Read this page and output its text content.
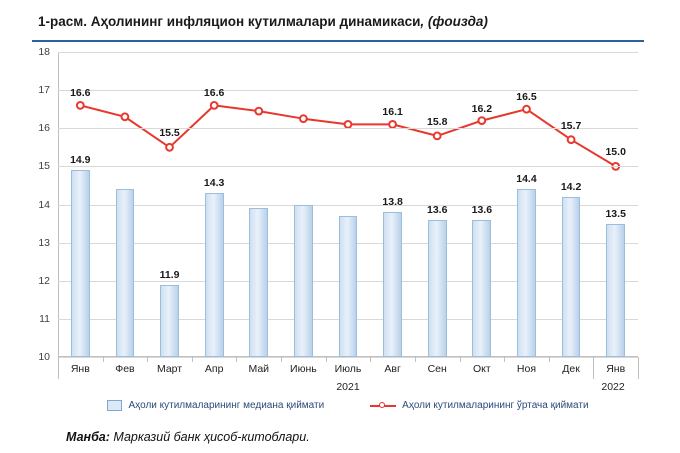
1-расм. Аҳолининг инфляцион кутилмалари динамикаси, (фоизда)
10
11
12
13
14
15
16
17
18
14.9
Янв
16.6
Фев
11.9
Март
15.5
14.3
Апр
16.6
Май Июнь Июль
13.8
Авг
16.1
13.6
Сен
15.8
13.6
Окт
16.2
14.4
Ноя
16.5
14.2
Дек
15.7
13.5
Янв
15.0
2021	2022
Аҳоли кутилмаларининг медиана қиймати	Аҳоли кутилмаларининг ўртача қиймати
Манба: Марказий банк ҳисоб-китоблари.
